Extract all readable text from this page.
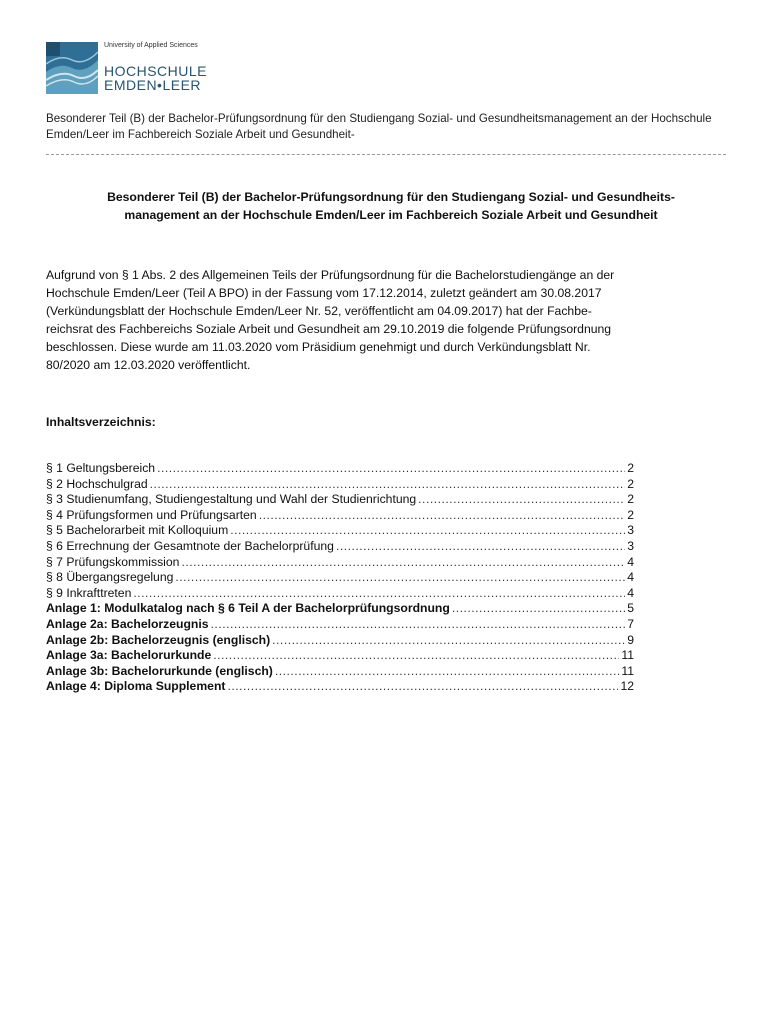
University of Applied Sciences
HOCHSCHULE
EMDEN•LEER
Besonderer Teil (B) der Bachelor-Prüfungsordnung für den Studiengang Sozial- und Gesundheitsmanagement an der Hochschule Emden/Leer im Fachbereich Soziale Arbeit und Gesundheit-
Besonderer Teil (B) der Bachelor-Prüfungsordnung für den Studiengang Sozial- und Gesundheits-
management an der Hochschule Emden/Leer im Fachbereich Soziale Arbeit und Gesundheit
Aufgrund von § 1 Abs. 2 des Allgemeinen Teils der Prüfungsordnung für die Bachelorstudiengänge an der
Hochschule Emden/Leer (Teil A BPO) in der Fassung vom 17.12.2014, zuletzt geändert am 30.08.2017
(Verkündungsblatt der Hochschule Emden/Leer Nr. 52, veröffentlicht am 04.09.2017) hat der Fachbe-
reichsrat des Fachbereichs Soziale Arbeit und Gesundheit am 29.10.2019 die folgende Prüfungsordnung
beschlossen. Diese wurde am 11.03.2020 vom Präsidium genehmigt und durch Verkündungsblatt Nr.
80/2020 am 12.03.2020 veröffentlicht.
Inhaltsverzeichnis:
§ 1 Geltungsbereich .....	2
§ 2 Hochschulgrad .....	2
§ 3 Studienumfang, Studiengestaltung und Wahl der Studienrichtung .....	2
§ 4 Prüfungsformen und Prüfungsarten .....	2
§ 5 Bachelorarbeit mit Kolloquium .....	3
§ 6 Errechnung der Gesamtnote der Bachelorprüfung .....	3
§ 7 Prüfungskommission .....	4
§ 8 Übergangsregelung .....	4
§ 9 Inkrafttreten .....	4
Anlage 1: Modulkatalog nach § 6 Teil A der Bachelorprüfungsordnung .....	5
Anlage 2a: Bachelorzeugnis .....	7
Anlage 2b: Bachelorzeugnis (englisch) .....	9
Anlage 3a: Bachelorurkunde .....	11
Anlage 3b: Bachelorurkunde (englisch) .....	11
Anlage 4: Diploma Supplement .....	12
